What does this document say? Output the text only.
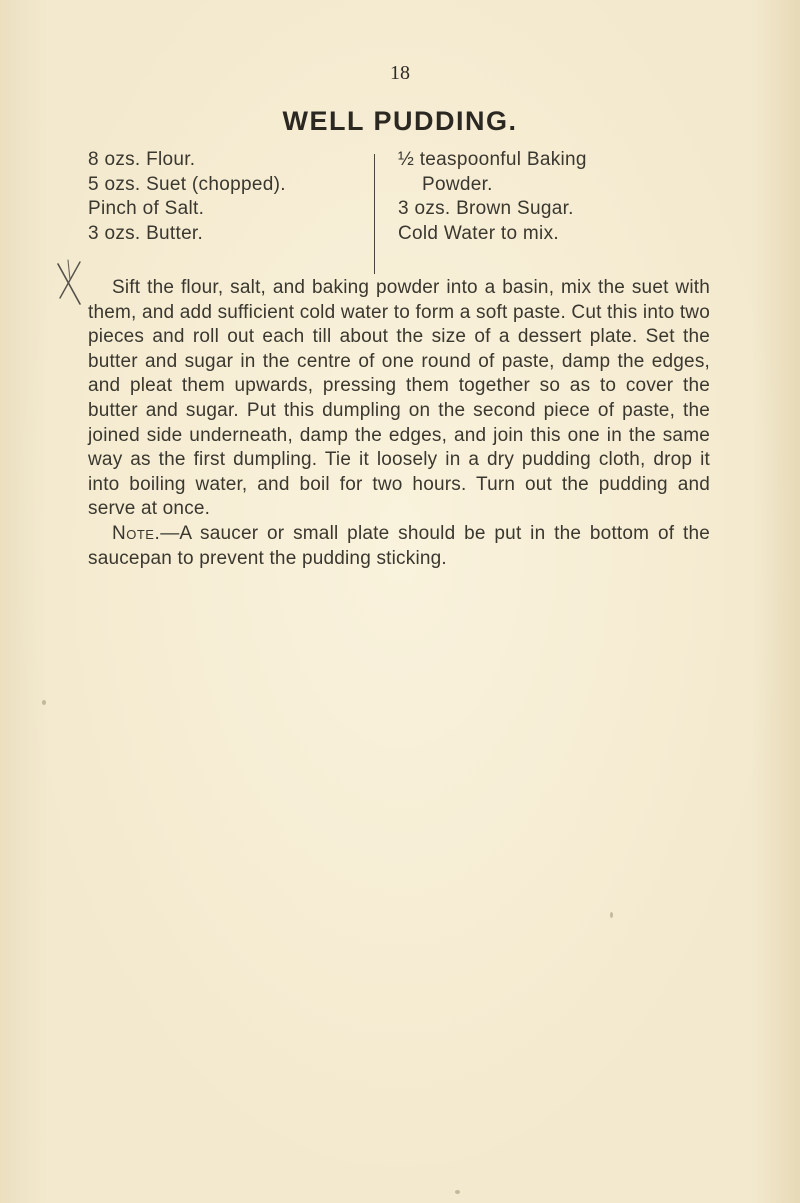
18
WELL PUDDING.
8 ozs. Flour.
5 ozs. Suet (chopped).
Pinch of Salt.
3 ozs. Butter.
½ teaspoonful Baking
Powder.
3 ozs. Brown Sugar.
Cold Water to mix.

Sift the flour, salt, and baking powder into a basin, mix the suet with them, and add sufficient cold water to form a soft paste. Cut this into two pieces and roll out each till about the size of a dessert plate. Set the butter and sugar in the centre of one round of paste, damp the edges, and pleat them upwards, pressing them together so as to cover the butter and sugar. Put this dumpling on the second piece of paste, the joined side underneath, damp the edges, and join this one in the same way as the first dumpling. Tie it loosely in a dry pudding cloth, drop it into boiling water, and boil for two hours. Turn out the pudding and serve at once.

Note.—A saucer or small plate should be put in the bottom of the saucepan to prevent the pudding sticking.
